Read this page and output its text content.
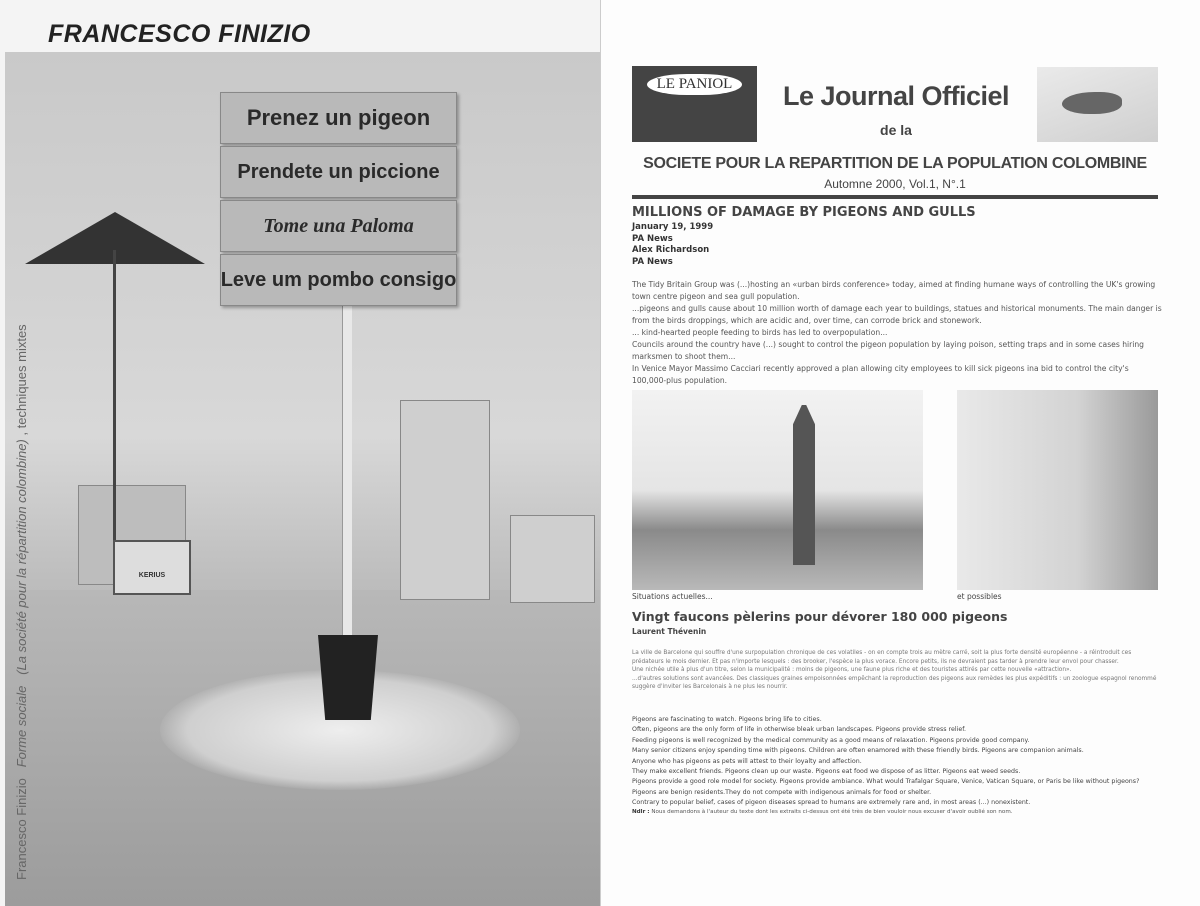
FRANCESCO FINIZIO
KERIUS
Prenez un pigeon
Prendete un piccione
Tome una Paloma
Leve um pombo consigo
Francesco Finizio   Forme sociale   (La société pour la répartition colombine) , techniques mixtes
LE PANIOL	Le Journal Officiel
de la
SOCIETE POUR LA REPARTITION DE LA POPULATION COLOMBINE
Automne 2000, Vol.1, N°.1
MILLIONS OF DAMAGE BY PIGEONS AND GULLS
January 19, 1999
PA News
Alex Richardson
PA News

The Tidy Britain Group was (...)hosting an «urban birds conference» today, aimed at finding humane ways of controlling the UK's growing town centre pigeon and sea gull population.

...pigeons and gulls cause about 10 million worth of damage each year to buildings, statues and historical monuments. The main danger is from the birds droppings, which are acidic and, over time, can corrode brick and stonework.

... kind-hearted people feeding to birds has led to overpopulation...

Councils around the country have (...) sought to control the pigeon population by laying poison, setting traps and in some cases hiring marksmen to shoot them...

In Venice Mayor Massimo Cacciari recently approved a plan allowing city employees to kill sick pigeons ina bid to control the city's 100,000-plus population.

Situations actuelles...	et possibles
Vingt faucons pèlerins pour dévorer 180 000 pigeons
Laurent Thévenin

La ville de Barcelone qui souffre d'une surpopulation chronique de ces volatiles - on en compte trois au mètre carré, soit la plus forte densité européenne - a réintroduit ces prédateurs le mois dernier. Et pas n'importe lesquels : des brooker, l'espèce la plus vorace. Encore petits, ils ne devraient pas tarder à prendre leur envol pour chasser.

Une nichée utile à plus d'un titre, selon la municipalité : moins de pigeons, une faune plus riche et des touristes attirés par cette nouvelle «attraction».

...d'autres solutions sont avancées. Des classiques graines empoisonnées empêchant la reproduction des pigeons aux remèdes les plus expéditifs : un zoologue espagnol renommé suggère d'inviter les Barcelonais à ne plus les nourrir.

Pigeons are fascinating to watch. Pigeons bring life to cities.
Often, pigeons are the only form of life in otherwise bleak urban landscapes. Pigeons provide stress relief.
Feeding pigeons is well recognized by the medical community as a good means of relaxation. Pigeons provide good company.
Many senior citizens enjoy spending time with pigeons. Children are often enamored with these friendly birds. Pigeons are companion animals.
Anyone who has pigeons as pets will attest to their loyalty and affection.
They make excellent friends. Pigeons clean up our waste. Pigeons eat food we dispose of as litter. Pigeons eat weed seeds.
Pigeons provide a good role model for society. Pigeons provide ambiance. What would Trafalgar Square, Venice, Vatican Square, or Paris be like without pigeons?
Pigeons are benign residents.They do not compete with indigenous animals for food or shelter.
Contrary to popular belief, cases of pigeon diseases spread to humans are extremely rare and, in most areas (...) nonexistent.
Ndlr : Nous demandons à l'auteur du texte dont les extraits ci-dessus ont été très de bien vouloir nous excuser d'avoir oublié son nom.
